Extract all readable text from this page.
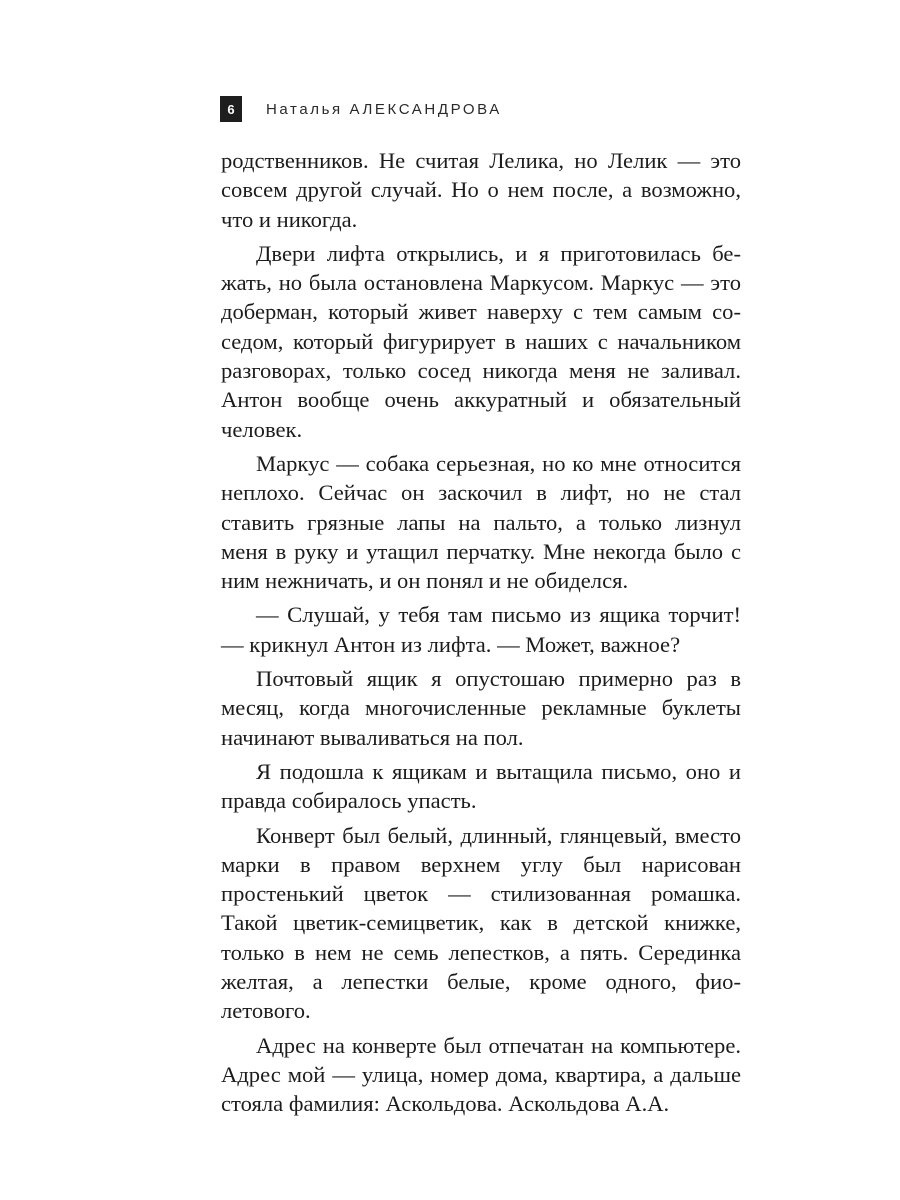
6	Наталья АЛЕКСАНДРОВА

родственников. Не считая Лелика, но Лелик — это совсем другой случай. Но о нем после, а возможно, что и никогда.

Двери лифта открылись, и я приготовилась бежать, но была остановлена Маркусом. Маркус — это доберман, который живет наверху с тем самым соседом, который фигурирует в наших с начальником разговорах, только сосед никогда меня не заливал. Антон вообще очень аккуратный и обязательный человек.

Маркус — собака серьезная, но ко мне относится неплохо. Сейчас он заскочил в лифт, но не стал ставить грязные лапы на пальто, а только лизнул меня в руку и утащил перчатку. Мне некогда было с ним нежничать, и он понял и не обиделся.

— Слушай, у тебя там письмо из ящика торчит! — крикнул Антон из лифта. — Может, важное?

Почтовый ящик я опустошаю примерно раз в месяц, когда многочисленные рекламные буклеты начинают вываливаться на пол.

Я подошла к ящикам и вытащила письмо, оно и правда собиралось упасть.

Конверт был белый, длинный, глянцевый, вместо марки в правом верхнем углу был нарисован простенький цветок — стилизованная ромашка. Такой цветик-семицветик, как в детской книжке, только в нем не семь лепестков, а пять. Серединка желтая, а лепестки белые, кроме одного, фиолетового.

Адрес на конверте был отпечатан на компьютере. Адрес мой — улица, номер дома, квартира, а дальше стояла фамилия: Аскольдова. Аскольдова А.А.
